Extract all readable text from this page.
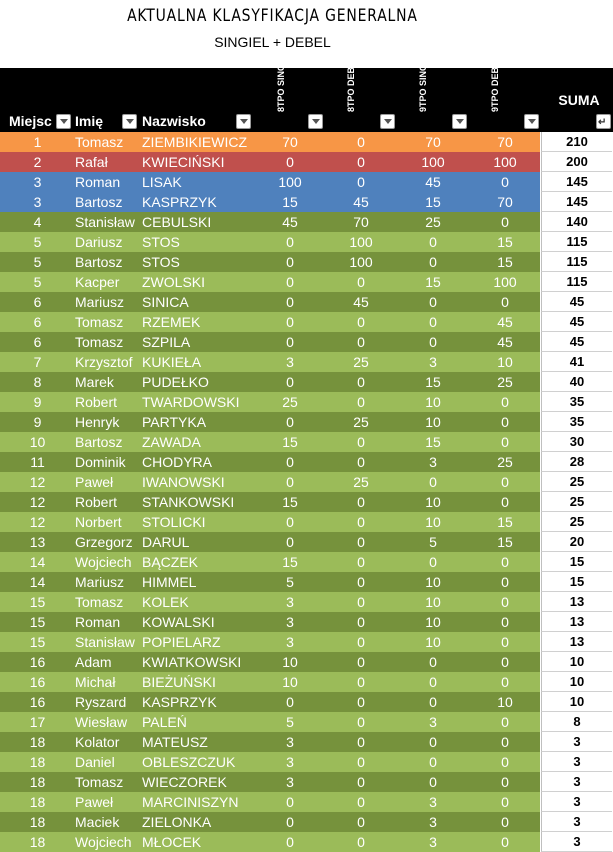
AKTUALNA KLASYFIKACJA GENERALNA
SINGIEL + DEBEL
Miejsc Imię	Nazwisko
8TPO SINGIEL	8TPO DEBEL	9TPO SINGIEL	9TPO DEBEL	SUMA
↵
1	Tomasz ZIEMBIKIEWICZ	70	0	70	70	210
2	Rafał KWIECIŃSKI	0	0	100	100	200
3	Roman LISAK	100	0	45	0	145
3	Bartosz KASPRZYK	15	45	15	70	145
4	Stanisław CEBULSKI	45	70	25	0	140
5	Dariusz STOS	0	100	0	15	115
5	Bartosz STOS	0	100	0	15	115
5	Kacper ZWOLSKI	0	0	15	100	115
6	Mariusz SINICA	0	45	0	0	45
6	Tomasz RZEMEK	0	0	0	45	45
6	Tomasz SZPILA	0	0	0	45	45
7	Krzysztof KUKIEŁA	3	25	3	10	41
8	Marek PUDEŁKO	0	0	15	25	40
9	Robert TWARDOWSKI	25	0	10	0	35
9	Henryk PARTYKA	0	25	10	0	35
10	Bartosz ZAWADA	15	0	15	0	30
11	Dominik CHODYRA	0	0	3	25	28
12	Paweł IWANOWSKI	0	25	0	0	25
12	Robert STANKOWSKI	15	0	10	0	25
12	Norbert STOLICKI	0	0	10	15	25
13	Grzegorz DARUL	0	0	5	15	20
14	Wojciech BĄCZEK	15	0	0	0	15
14	Mariusz HIMMEL	5	0	10	0	15
15	Tomasz KOLEK	3	0	10	0	13
15	Roman KOWALSKI	3	0	10	0	13
15	Stanisław POPIELARZ	3	0	10	0	13
16	Adam KWIATKOWSKI	10	0	0	0	10
16	Michał BIEŻUŃSKI	10	0	0	0	10
16	Ryszard KASPRZYK	0	0	0	10	10
17	Wiesław PALEŃ	5	0	3	0	8
18	Kolator MATEUSZ	3	0	0	0	3
18	Daniel OBLESZCZUK	3	0	0	0	3
18	Tomasz WIECZOREK	3	0	0	0	3
18	Paweł MARCINISZYN	0	0	3	0	3
18	Maciek ZIELONKA	0	0	3	0	3
18	Wojciech MŁOCEK	0	0	3	0	3
